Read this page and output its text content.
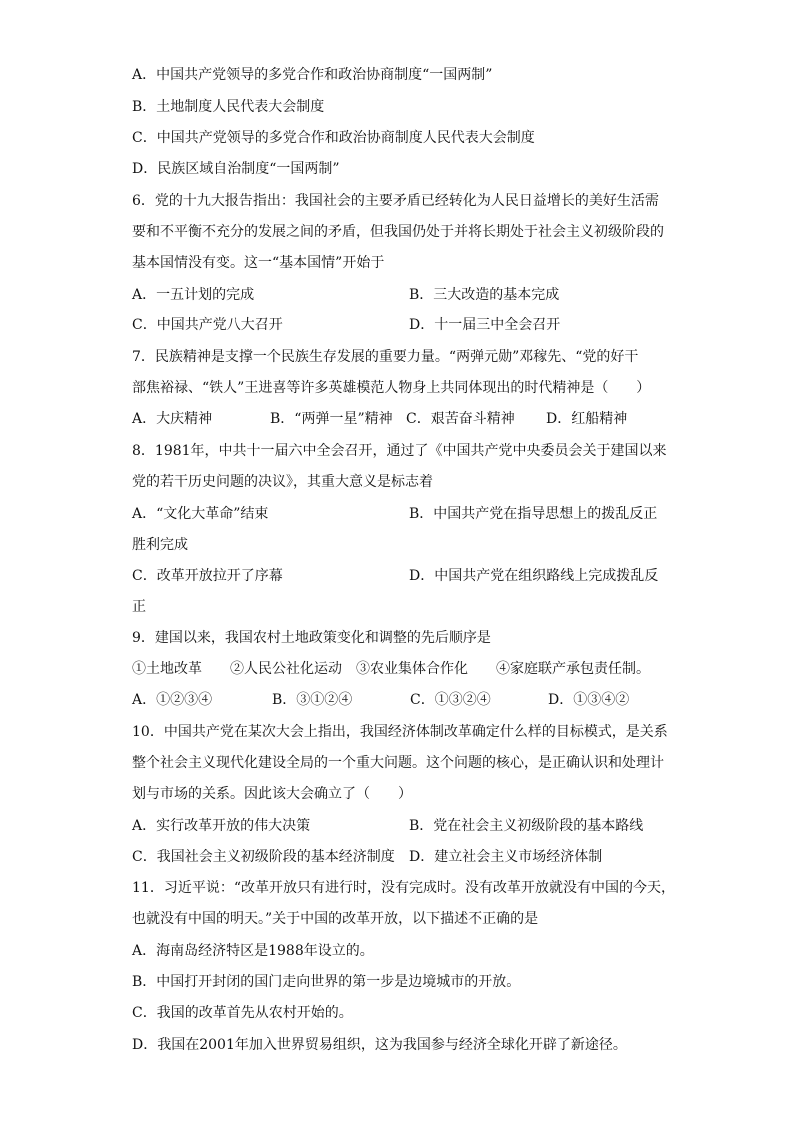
A．中国共产党领导的多党合作和政治协商制度“一国两制”
B．土地制度人民代表大会制度
C．中国共产党领导的多党合作和政治协商制度人民代表大会制度
D．民族区域自治制度“一国两制”
6．党的十九大报告指出：我国社会的主要矛盾已经转化为人民日益增长的美好生活需
要和不平衡不充分的发展之间的矛盾，但我国仍处于并将长期处于社会主义初级阶段的
基本国情没有变。这一“基本国情”开始于
A．一五计划的完成	B．三大改造的基本完成
C．中国共产党八大召开	D．十一届三中全会召开
7．民族精神是支撑一个民族生存发展的重要力量。“两弹元勋”邓稼先、“党的好干
部焦裕禄、“铁人”王进喜等许多英雄模范人物身上共同体现出的时代精神是（　　）
A．大庆精神	B．“两弹一星”精神 C．艰苦奋斗精神 D．红船精神
8．1981年，中共十一届六中全会召开，通过了《中国共产党中央委员会关于建国以来
党的若干历史问题的决议》，其重大意义是标志着
A．“文化大革命”结束	B．中国共产党在指导思想上的拨乱反正
胜利完成
C．改革开放拉开了序幕	D．中国共产党在组织路线上完成拨乱反
正
9．建国以来，我国农村土地政策变化和调整的先后顺序是
①土地改革　　②人民公社化运动　③农业集体合作化　　④家庭联产承包责任制。
A．①②③④	B．③①②④	C．①③②④	D．①③④②
10．中国共产党在某次大会上指出，我国经济体制改革确定什么样的目标模式，是关系
整个社会主义现代化建设全局的一个重大问题。这个问题的核心，是正确认识和处理计
划与市场的关系。因此该大会确立了（　　）
A．实行改革开放的伟大决策	B．党在社会主义初级阶段的基本路线
C．我国社会主义初级阶段的基本经济制度 D．建立社会主义市场经济体制
11．习近平说：“改革开放只有进行时，没有完成时。没有改革开放就没有中国的今天，
也就没有中国的明天。”关于中国的改革开放，以下描述不正确的是
A．海南岛经济特区是1988年设立的。
B．中国打开封闭的国门走向世界的第一步是边境城市的开放。
C．我国的改革首先从农村开始的。
D．我国在2001年加入世界贸易组织，这为我国参与经济全球化开辟了新途径。
